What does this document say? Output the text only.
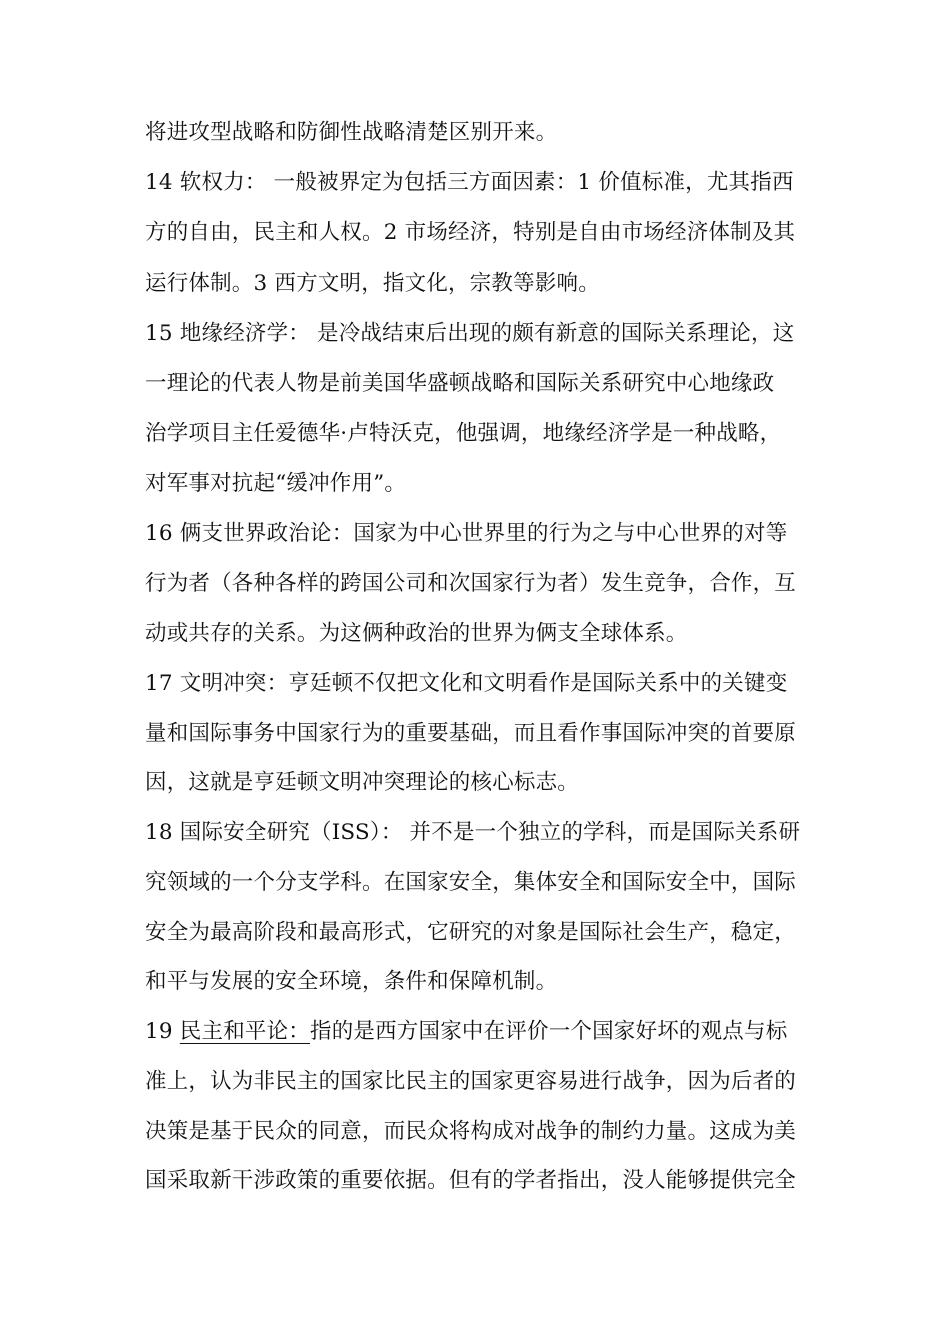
将进攻型战略和防御性战略清楚区别开来。
14 软权力： 一般被界定为包括三方面因素：1 价值标准，尤其指西
方的自由，民主和人权。2 市场经济，特别是自由市场经济体制及其
运行体制。3 西方文明，指文化，宗教等影响。
15 地缘经济学： 是冷战结束后出现的颇有新意的国际关系理论，这
一理论的代表人物是前美国华盛顿战略和国际关系研究中心地缘政
治学项目主任爱德华·卢特沃克，他强调，地缘经济学是一种战略，
对军事对抗起“缓冲作用”。
16 俩支世界政治论：国家为中心世界里的行为之与中心世界的对等
行为者（各种各样的跨国公司和次国家行为者）发生竞争，合作，互
动或共存的关系。为这俩种政治的世界为俩支全球体系。
17 文明冲突：亨廷顿不仅把文化和文明看作是国际关系中的关键变
量和国际事务中国家行为的重要基础，而且看作事国际冲突的首要原
因，这就是亨廷顿文明冲突理论的核心标志。
18 国际安全研究（ISS）： 并不是一个独立的学科，而是国际关系研
究领域的一个分支学科。在国家安全，集体安全和国际安全中，国际
安全为最高阶段和最高形式，它研究的对象是国际社会生产，稳定，
和平与发展的安全环境，条件和保障机制。
19 民主和平论：指的是西方国家中在评价一个国家好坏的观点与标
准上，认为非民主的国家比民主的国家更容易进行战争，因为后者的
决策是基于民众的同意，而民众将构成对战争的制约力量。这成为美
国采取新干涉政策的重要依据。但有的学者指出，没人能够提供完全
